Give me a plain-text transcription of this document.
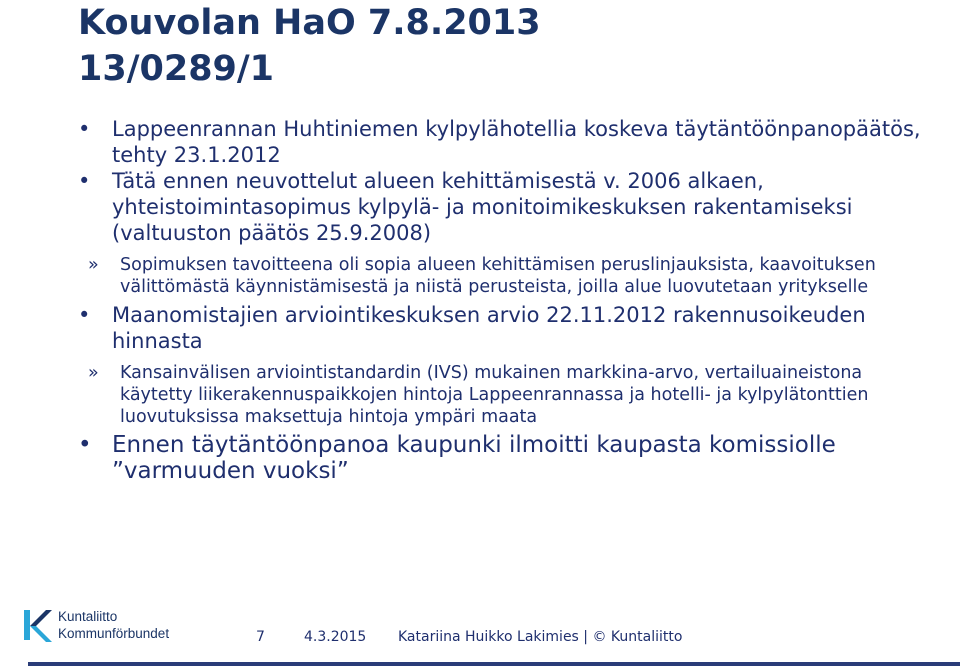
Kouvolan HaO 7.8.2013
13/0289/1
• Lappeenrannan Huhtiniemen kylpylähotellia koskeva täytäntöönpanopäätös, tehty 23.1.2012
• Tätä ennen neuvottelut alueen kehittämisestä v. 2006 alkaen, yhteistoimintasopimus kylpylä- ja monitoimikeskuksen rakentamiseksi (valtuuston päätös 25.9.2008)
» Sopimuksen tavoitteena oli sopia alueen kehittämisen peruslinjauksista, kaavoituksen välittömästä käynnistämisestä ja niistä perusteista, joilla alue luovutetaan yritykselle
• Maanomistajien arviointikeskuksen arvio 22.11.2012 rakennusoikeuden hinnasta
» Kansainvälisen arviointistandardin (IVS) mukainen markkina-arvo, vertailuaineistona käytetty liikerakennuspaikkojen hintoja Lappeenrannassa ja hotelli- ja kylpylätonttien luovutuksissa maksettuja hintoja ympäri maata
• Ennen täytäntöönpanoa kaupunki ilmoitti kaupasta komissiolle ”varmuuden vuoksi”
Kuntaliitto
Kommunförbundet	7	4.3.2015 Katariina Huikko Lakimies | © Kuntaliitto
